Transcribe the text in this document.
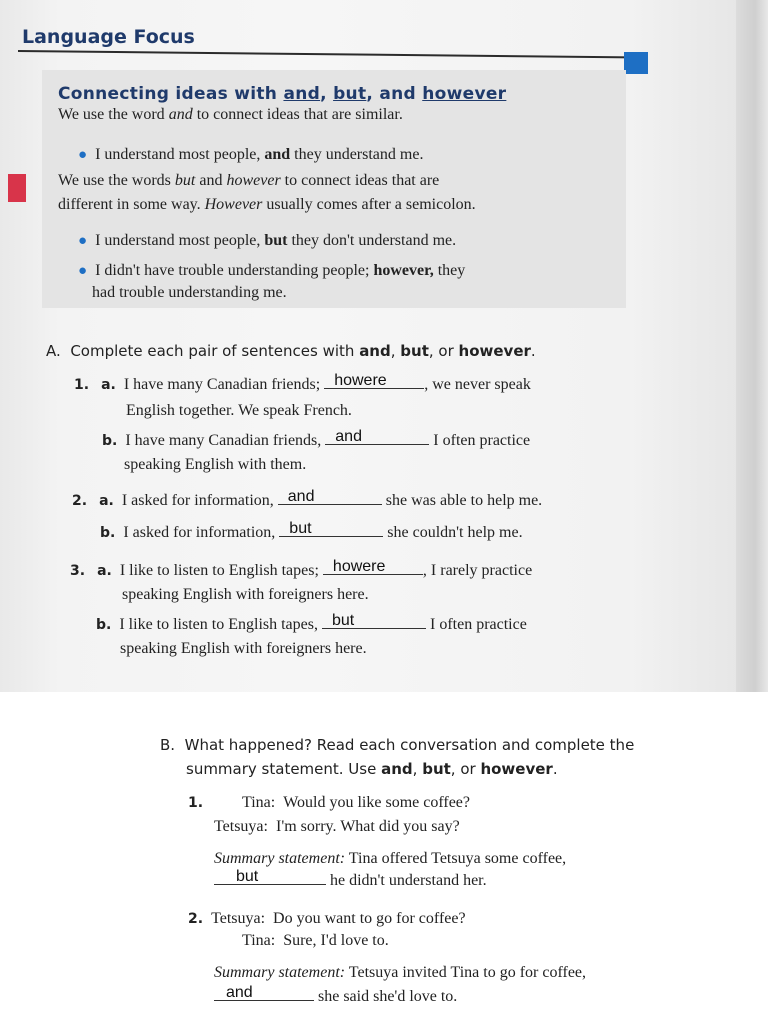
Language Focus
Connecting ideas with and, but, and however
We use the word and to connect ideas that are similar.
● I understand most people, and they understand me.
We use the words but and however to connect ideas that are
different in some way. However usually comes after a semicolon.
● I understand most people, but they don't understand me.
● I didn't have trouble understanding people; however, they
had trouble understanding me.
A. Complete each pair of sentences with and, but, or however.
1. a. I have many Canadian friends; howere , we never speak
English together. We speak French.
b. I have many Canadian friends, and	I often practice
speaking English with them.
2. a. I asked for information, and	she was able to help me.
b. I asked for information, but	she couldn't help me.
3. a. I like to listen to English tapes; howere , I rarely practice
speaking English with foreigners here.
b. I like to listen to English tapes, but	I often practice
speaking English with foreigners here.
B. What happened? Read each conversation and complete the
summary statement. Use and, but, or however.
1. Tina: Would you like some coffee?
Tetsuya: I'm sorry. What did you say?
Summary statement: Tina offered Tetsuya some coffee,
but	he didn't understand her.
2. Tetsuya: Do you want to go for coffee?
Tina: Sure, I'd love to.
Summary statement: Tetsuya invited Tina to go for coffee,
and	she said she'd love to.
